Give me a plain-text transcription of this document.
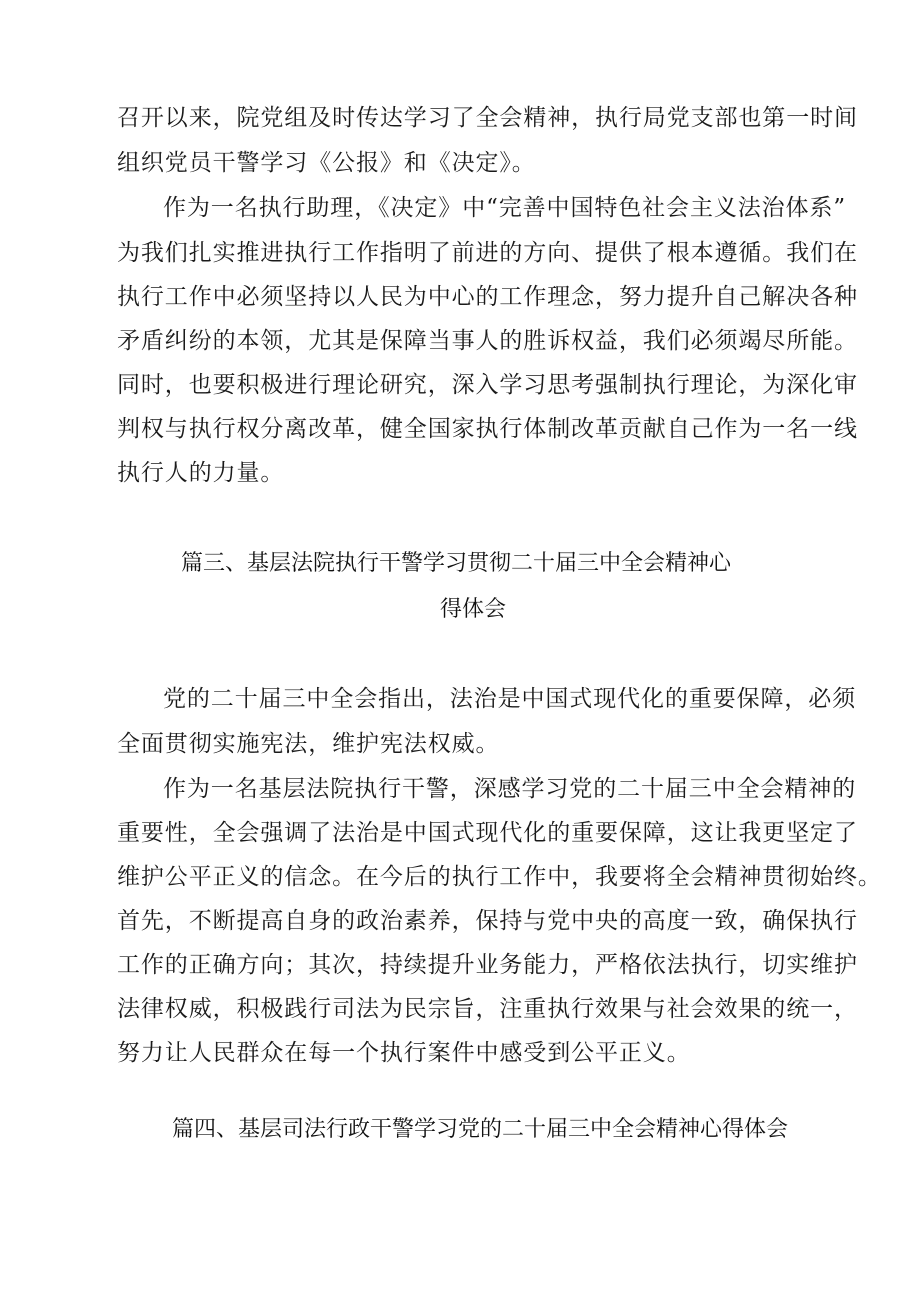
召开以来，院党组及时传达学习了全会精神，执行局党支部也第一时间
组织党员干警学习《公报》和《决定》。
作为一名执行助理，《决定》中“完善中国特色社会主义法治体系”
为我们扎实推进执行工作指明了前进的方向、提供了根本遵循。我们在
执行工作中必须坚持以人民为中心的工作理念，努力提升自己解决各种
矛盾纠纷的本领，尤其是保障当事人的胜诉权益，我们必须竭尽所能。
同时，也要积极进行理论研究，深入学习思考强制执行理论，为深化审
判权与执行权分离改革，健全国家执行体制改革贡献自己作为一名一线
执行人的力量。
篇三、基层法院执行干警学习贯彻二十届三中全会精神心
得体会
党的二十届三中全会指出，法治是中国式现代化的重要保障，必须
全面贯彻实施宪法，维护宪法权威。
作为一名基层法院执行干警，深感学习党的二十届三中全会精神的
重要性，全会强调了法治是中国式现代化的重要保障，这让我更坚定了
维护公平正义的信念。在今后的执行工作中，我要将全会精神贯彻始终。
首先，不断提高自身的政治素养，保持与党中央的高度一致，确保执行
工作的正确方向；其次，持续提升业务能力，严格依法执行，切实维护
法律权威，积极践行司法为民宗旨，注重执行效果与社会效果的统一，
努力让人民群众在每一个执行案件中感受到公平正义。
篇四、基层司法行政干警学习党的二十届三中全会精神心得体会
